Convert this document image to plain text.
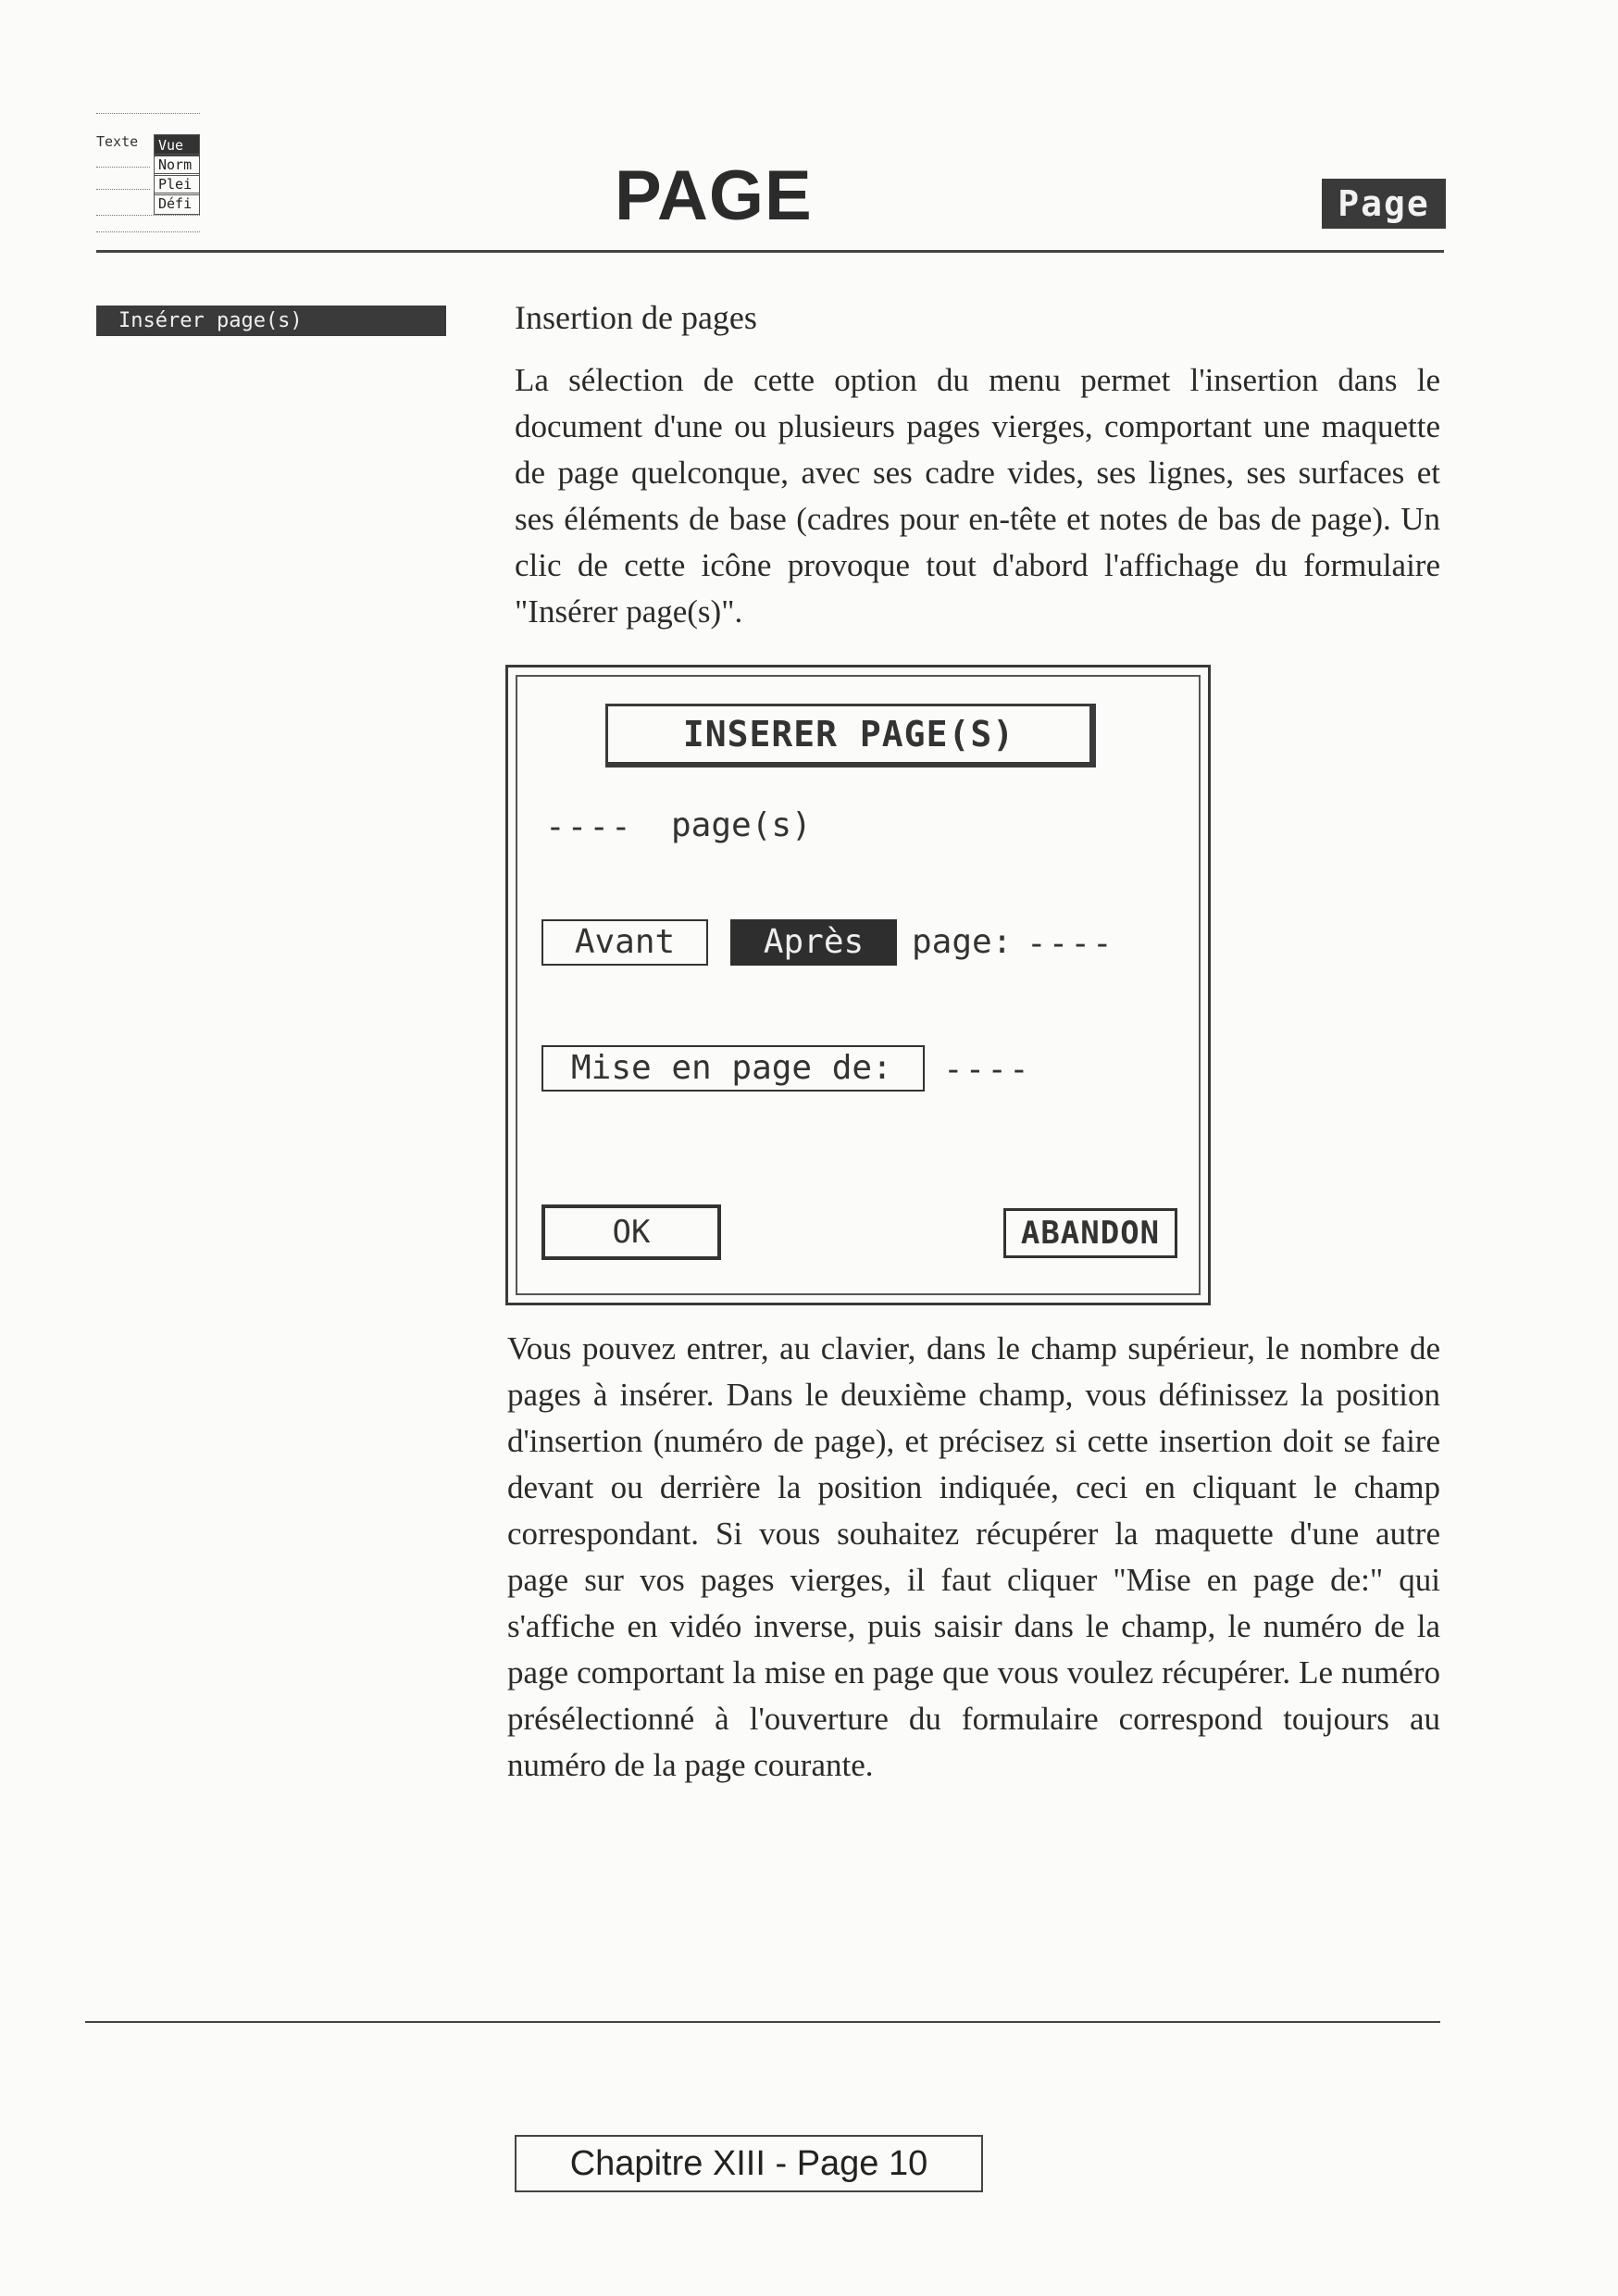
Texte	Vue
Norm
Plei
Défi	PAGE	Page
Insérer page(s)	Insertion de pages
La sélection de cette option du menu permet l'insertion dans le document d'une ou plusieurs pages vierges, comportant une maquette de page quelconque, avec ses cadre vides, ses lignes, ses surfaces et ses éléments de base (cadres pour en-tête et notes de bas de page). Un clic de cette icône provoque tout d'abord l'affichage du formulaire "Insérer page(s)".
INSERER PAGE(S)
---- page(s)
Avant	Après	page: ----
Mise en page de:	----
OK	ABANDON
Vous pouvez entrer, au clavier, dans le champ supérieur, le nombre de pages à insérer. Dans le deuxième champ, vous définissez la position d'insertion (numéro de page), et précisez si cette insertion doit se faire devant ou derrière la position indiquée, ceci en cliquant le champ correspondant. Si vous souhaitez récupérer la maquette d'une autre page sur vos pages vierges, il faut cliquer "Mise en page de:" qui s'affiche en vidéo inverse, puis saisir dans le champ, le numéro de la page comportant la mise en page que vous voulez récupérer. Le numéro présélectionné à l'ouverture du formulaire correspond toujours au numéro de la page courante.
Chapitre XIII - Page 10
